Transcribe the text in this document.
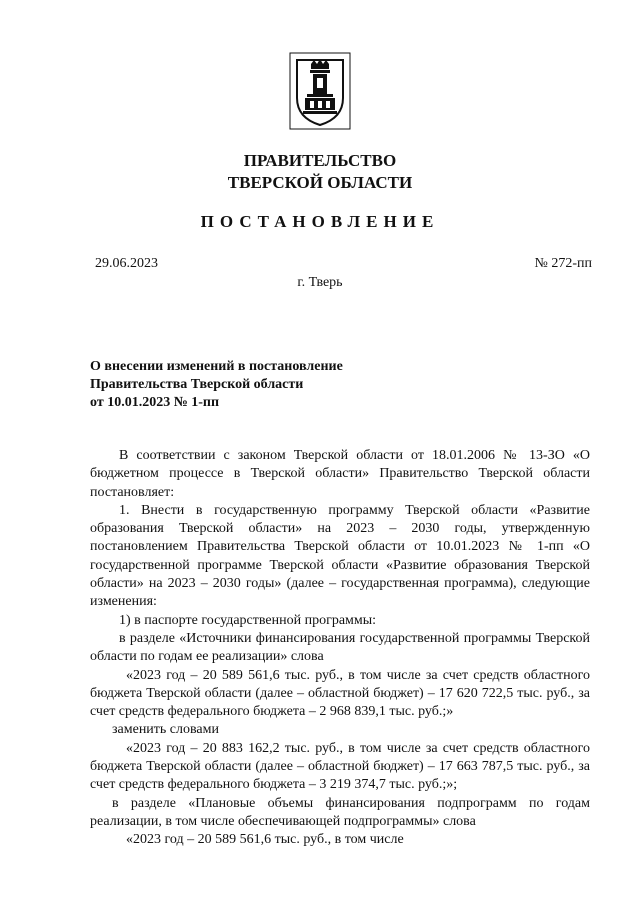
ПРАВИТЕЛЬСТВО
ТВЕРСКОЙ ОБЛАСТИ
ПОСТАНОВЛЕНИЕ
29.06.2023	№ 272-пп
г. Тверь
О внесении изменений в постановление
Правительства Тверской области
от 10.01.2023 № 1-пп

В соответствии с законом Тверской области от 18.01.2006 № 13-ЗО «О бюджетном процессе в Тверской области» Правительство Тверской области постановляет:

1. Внести в государственную программу Тверской области «Развитие образования Тверской области» на 2023 – 2030 годы, утвержденную постановлением Правительства Тверской области от 10.01.2023 № 1-пп «О государственной программе Тверской области «Развитие образования Тверской области» на 2023 – 2030 годы» (далее – государственная программа), следующие изменения:

1) в паспорте государственной программы:

в разделе «Источники финансирования государственной программы Тверской области по годам ее реализации» слова

«2023 год – 20 589 561,6 тыс. руб., в том числе за счет средств областного бюджета Тверской области (далее – областной бюджет) – 17 620 722,5 тыс. руб., за счет средств федерального бюджета – 2 968 839,1 тыс. руб.;»

заменить словами

«2023 год – 20 883 162,2 тыс. руб., в том числе за счет средств областного бюджета Тверской области (далее – областной бюджет) – 17 663 787,5 тыс. руб., за счет средств федерального бюджета – 3 219 374,7 тыс. руб.;»;

в разделе «Плановые объемы финансирования подпрограмм по годам реализации, в том числе обеспечивающей подпрограммы» слова

«2023 год – 20 589 561,6 тыс. руб., в том числе
